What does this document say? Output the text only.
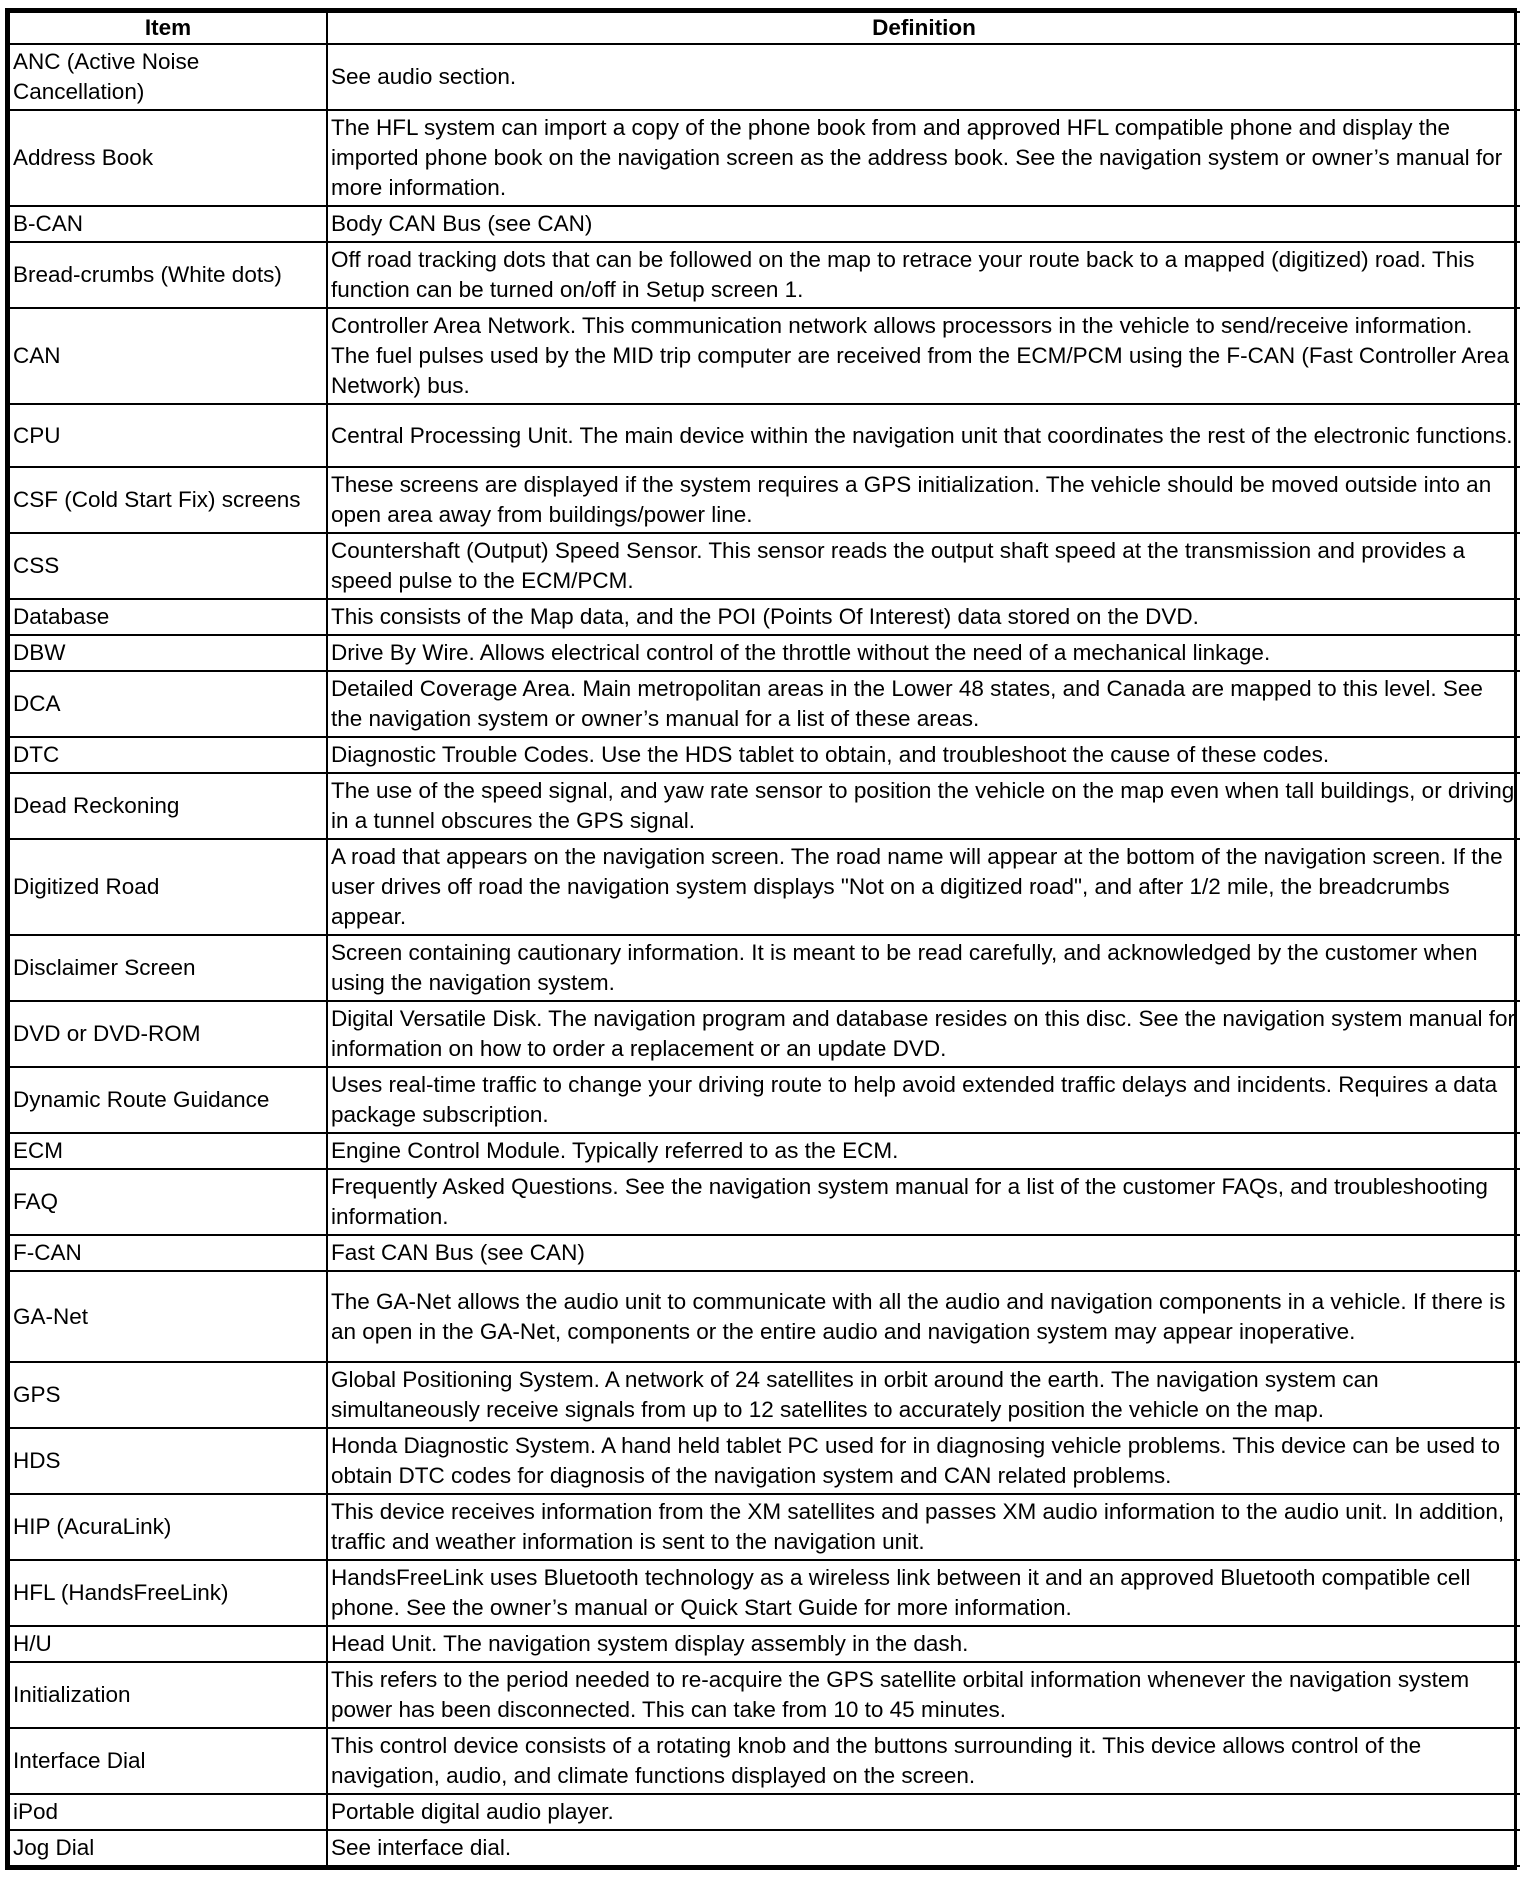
Item	Definition
ANC (Active Noise Cancellation)	See audio section.
Address Book	The HFL system can import a copy of the phone book from and approved HFL compatible phone and display the imported phone book on the navigation screen as the address book. See the navigation system or owner’s manual for more information.
B-CAN	Body CAN Bus (see CAN)
Bread-crumbs (White dots)	Off road tracking dots that can be followed on the map to retrace your route back to a mapped (digitized) road. This function can be turned on/off in Setup screen 1.
CAN	Controller Area Network. This communication network allows processors in the vehicle to send/receive information. The fuel pulses used by the MID trip computer are received from the ECM/PCM using the F-CAN (Fast Controller Area Network) bus.
CPU	Central Processing Unit. The main device within the navigation unit that coordinates the rest of the electronic functions.
CSF (Cold Start Fix) screens	These screens are displayed if the system requires a GPS initialization. The vehicle should be moved outside into an open area away from buildings/power line.
CSS	Countershaft (Output) Speed Sensor. This sensor reads the output shaft speed at the transmission and provides a speed pulse to the ECM/PCM.
Database	This consists of the Map data, and the POI (Points Of Interest) data stored on the DVD.
DBW	Drive By Wire. Allows electrical control of the throttle without the need of a mechanical linkage.
DCA	Detailed Coverage Area. Main metropolitan areas in the Lower 48 states, and Canada are mapped to this level. See the navigation system or owner’s manual for a list of these areas.
DTC	Diagnostic Trouble Codes. Use the HDS tablet to obtain, and troubleshoot the cause of these codes.
Dead Reckoning	The use of the speed signal, and yaw rate sensor to position the vehicle on the map even when tall buildings, or driving in a tunnel obscures the GPS signal.
Digitized Road	A road that appears on the navigation screen. The road name will appear at the bottom of the navigation screen. If the user drives off road the navigation system displays "Not on a digitized road", and after 1/2 mile, the breadcrumbs appear.
Disclaimer Screen	Screen containing cautionary information. It is meant to be read carefully, and acknowledged by the customer when using the navigation system.
DVD or DVD-ROM	Digital Versatile Disk. The navigation program and database resides on this disc. See the navigation system manual for information on how to order a replacement or an update DVD.
Dynamic Route Guidance	Uses real-time traffic to change your driving route to help avoid extended traffic delays and incidents. Requires a data package subscription.
ECM	Engine Control Module. Typically referred to as the ECM.
FAQ	Frequently Asked Questions. See the navigation system manual for a list of the customer FAQs, and troubleshooting information.
F-CAN	Fast CAN Bus (see CAN)
GA-Net	The GA-Net allows the audio unit to communicate with all the audio and navigation components in a vehicle. If there is an open in the GA-Net, components or the entire audio and navigation system may appear inoperative.
GPS	Global Positioning System. A network of 24 satellites in orbit around the earth. The navigation system can simultaneously receive signals from up to 12 satellites to accurately position the vehicle on the map.
HDS	Honda Diagnostic System. A hand held tablet PC used for in diagnosing vehicle problems. This device can be used to obtain DTC codes for diagnosis of the navigation system and CAN related problems.
HIP (AcuraLink)	This device receives information from the XM satellites and passes XM audio information to the audio unit. In addition, traffic and weather information is sent to the navigation unit.
HFL (HandsFreeLink)	HandsFreeLink uses Bluetooth technology as a wireless link between it and an approved Bluetooth compatible cell phone. See the owner’s manual or Quick Start Guide for more information.
H/U	Head Unit. The navigation system display assembly in the dash.
Initialization	This refers to the period needed to re-acquire the GPS satellite orbital information whenever the navigation system power has been disconnected. This can take from 10 to 45 minutes.
Interface Dial	This control device consists of a rotating knob and the buttons surrounding it. This device allows control of the navigation, audio, and climate functions displayed on the screen.
iPod	Portable digital audio player.
Jog Dial	See interface dial.
